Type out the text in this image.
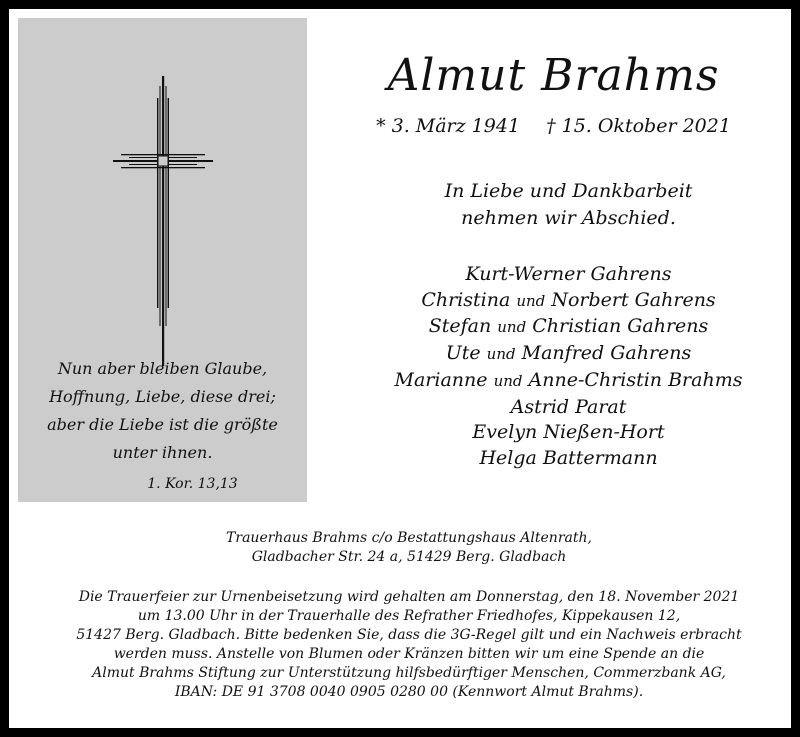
Nun aber bleiben Glaube,
Hoffnung, Liebe, diese drei;
aber die Liebe ist die größte
unter ihnen.
1. Kor. 13,13
Almut Brahms
* 3. März 1941 † 15. Oktober 2021
In Liebe und Dankbarbeit
nehmen wir Abschied.
Kurt-Werner Gahrens
Christina und Norbert Gahrens
Stefan und Christian Gahrens
Ute und Manfred Gahrens
Marianne und Anne-Christin Brahms
Astrid Parat
Evelyn Nießen-Hort
Helga Battermann
Trauerhaus Brahms c/o Bestattungshaus Altenrath,
Gladbacher Str. 24 a, 51429 Berg. Gladbach
Die Trauerfeier zur Urnenbeisetzung wird gehalten am Donnerstag, den 18. November 2021
um 13.00 Uhr in der Trauerhalle des Refrather Friedhofes, Kippekausen 12,
51427 Berg. Gladbach. Bitte bedenken Sie, dass die 3G-Regel gilt und ein Nachweis erbracht
werden muss. Anstelle von Blumen oder Kränzen bitten wir um eine Spende an die
Almut Brahms Stiftung zur Unterstützung hilfsbedürftiger Menschen, Commerzbank AG,
IBAN: DE 91 3708 0040 0905 0280 00 (Kennwort Almut Brahms).
